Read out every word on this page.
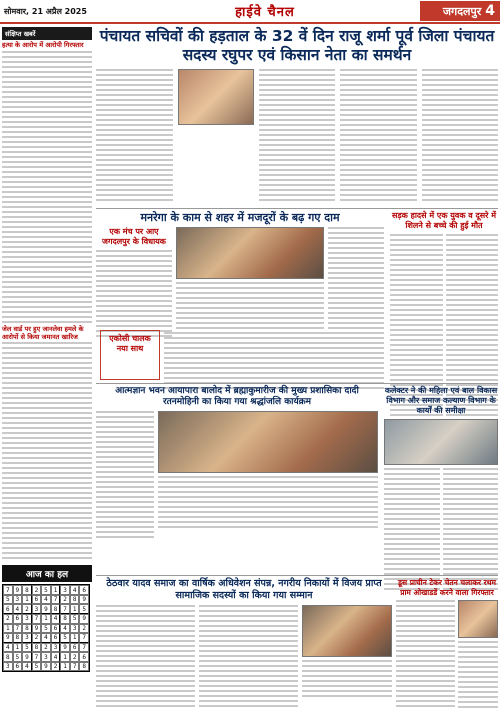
सोमवार, 21 अप्रैल 2025	हाईवे चैनल	जगदलपुर 4
संक्षिप्त खबरें
हत्या के आरोप में आरोपी गिरफ्तार
जेल वार्ड पर हुए जानलेवा हमले के आरोपों से किया जमानत खारिज
आज का हल
7 9 8 2 5 1 3 4 6
5 3 1 6 4 7 2 8 9
6 4 2 3 9 8 7 1 5
2 6 3 7 1 4 8 5 9
1 7 8 9 5 6 4 3 2
9 8 3 2 4 6 5 1 7
4 1 5 8 2 3 9 6 7
8 5 9 7 3 4 1 2 6
3 6 4 5 9 2 1 7 8
पंचायत सचिवों की हड़ताल के 32 वें दिन राजू शर्मा पूर्व जिला पंचायत सदस्य रघुपर एवं किसान नेता का समर्थन
मनरेगा के काम से शहर में मजदूरों के बढ़ गए दाम
एक मंच पर आए जगदलपुर के विधायक
एकोसी चालक नया साथ
सड़क हादसे में एक युवक व दूसरे में शिलने से बच्चे की हुई मौत
आत्मज्ञान भवन आयापारा बालोद में ब्रह्माकुमारीज की मुख्य प्रशासिका दादी रतनमोहिनी का किया गया श्रद्धांजलि कार्यक्रम
कलेक्टर ने की महिला एवं बाल विकास विभाग और समाज कल्याण विभाग के कार्यों की समीक्षा
ठेठवार यादव समाज का वार्षिक अधिवेशन संपन्न, नगरीय निकायों में विजय प्राप्त सामाजिक सदस्यों का किया गया सम्मान
डूस प्राचीन टेकर चेतन चलाकर रथम प्राम ओखाडडें करने वाला गिरफ्तार
